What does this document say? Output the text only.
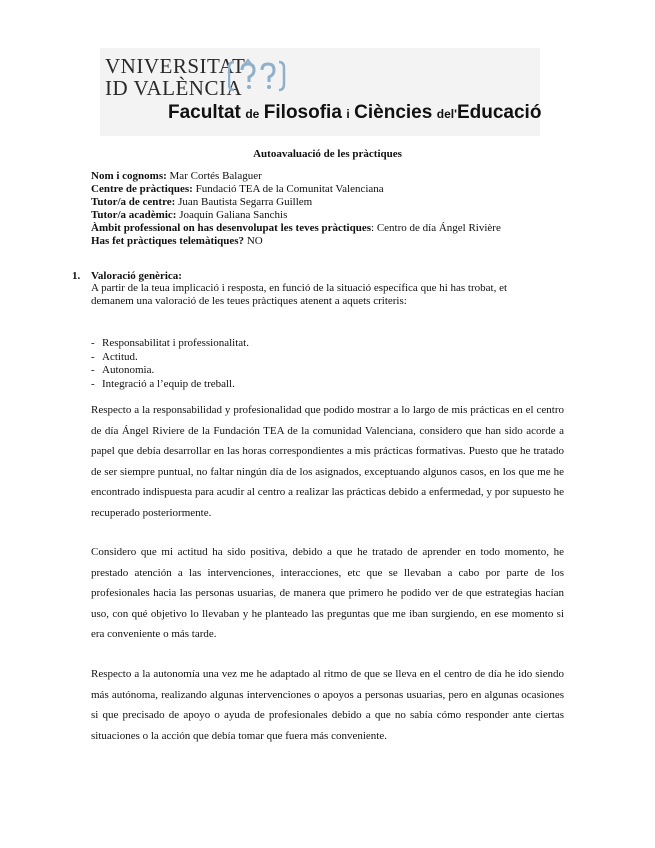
VNIVERSITAT
ID VALÈNCIA
Facultat de Filosofia i Ciències del'Educació
Autoavaluació de les pràctiques
Nom i cognoms: Mar Cortés Balaguer
Centre de pràctiques: Fundació TEA de la Comunitat Valenciana
Tutor/a de centre: Juan Bautista Segarra Guillem
Tutor/a acadèmic: Joaquín Galiana Sanchis
Àmbit professional on has desenvolupat les teves pràctiques: Centro de día Ángel Rivière
Has fet pràctiques telemàtiques? NO
1. Valoració genèrica:
A partir de la teua implicació i resposta, en funció de la situació específica que hi has trobat, et demanem una valoració de les teues pràctiques atenent a aquets criteris:
- Responsabilitat i professionalitat.
- Actitud.
- Autonomia.
- Integració a l’equip de treball.

Respecto a la responsabilidad y profesionalidad que podido mostrar a lo largo de mis prácticas en el centro de día Ángel Riviere de la Fundación TEA de la comunidad Valenciana, considero que han sido acorde a papel que debía desarrollar en las horas correspondientes a mis prácticas formativas. Puesto que he tratado de ser siempre puntual, no faltar ningún día de los asignados, exceptuando algunos casos, en los que me he encontrado indispuesta para acudir al centro a realizar las prácticas debido a enfermedad, y por supuesto he recuperado posteriormente.

Considero que mi actitud ha sido positiva, debido a que he tratado de aprender en todo momento, he prestado atención a las intervenciones, interacciones, etc que se llevaban a cabo por parte de los profesionales hacia las personas usuarias, de manera que primero he podido ver de que estrategias hacían uso, con qué objetivo lo llevaban y he planteado las preguntas que me iban surgiendo, en ese momento si era conveniente o más tarde.

Respecto a la autonomía una vez me he adaptado al ritmo de que se lleva en el centro de día he ido siendo más autónoma, realizando algunas intervenciones o apoyos a personas usuarias, pero en algunas ocasiones si que precisado de apoyo o ayuda de profesionales debido a que no sabía cómo responder ante ciertas situaciones o la acción que debía tomar que fuera más conveniente.
